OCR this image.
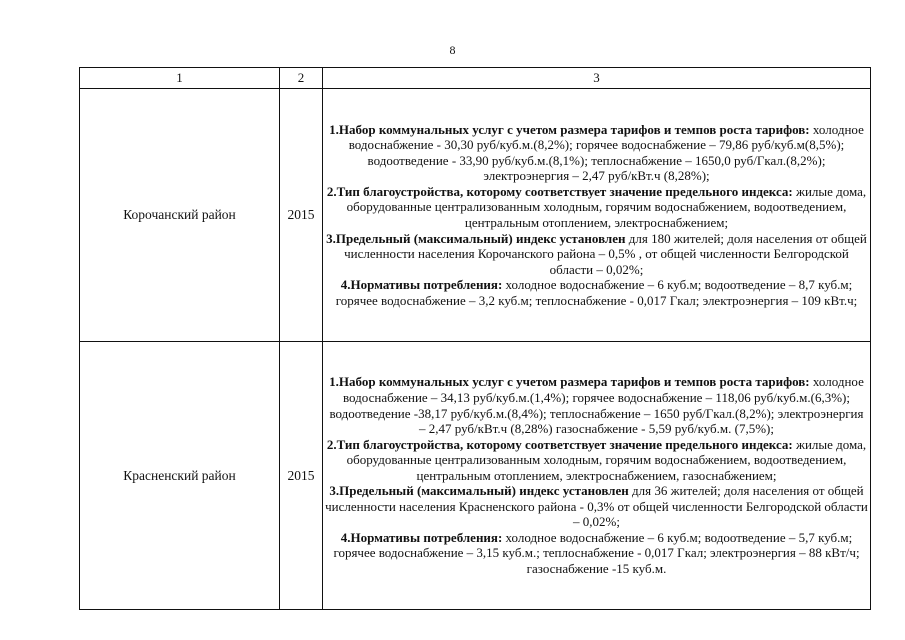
8
1	2	3
Корочанский район	2015	1.Набор коммунальных услуг с учетом размера тарифов и темпов роста тарифов: холодное водоснабжение - 30,30 руб/куб.м.(8,2%); горячее водоснабжение – 79,86 руб/куб.м(8,5%); водоотведение - 33,90 руб/куб.м.(8,1%); теплоснабжение – 1650,0 руб/Гкал.(8,2%); электроэнергия – 2,47 руб/кВт.ч (8,28%);

2.Тип благоустройства, которому соответствует значение предельного индекса: жилые дома, оборудованные централизованным холодным, горячим водоснабжением, водоотведением, центральным отоплением, электроснабжением;

3.Предельный (максимальный) индекс установлен для 180 жителей; доля населения от общей численности населения Корочанского района – 0,5% , от общей численности Белгородской области – 0,02%;

4.Нормативы потребления: холодное водоснабжение – 6 куб.м; водоотведение – 8,7 куб.м; горячее водоснабжение – 3,2 куб.м; теплоснабжение - 0,017 Гкал; электроэнергия – 109 кВт.ч;

Красненский район	2015	1.Набор коммунальных услуг с учетом размера тарифов и темпов роста тарифов: холодное водоснабжение – 34,13 руб/куб.м.(1,4%); горячее водоснабжение – 118,06 руб/куб.м.(6,3%); водоотведение -38,17 руб/куб.м.(8,4%); теплоснабжение – 1650 руб/Гкал.(8,2%); электроэнергия – 2,47 руб/кВт.ч (8,28%) газоснабжение - 5,59 руб/куб.м. (7,5%);

2.Тип благоустройства, которому соответствует значение предельного индекса: жилые дома, оборудованные централизованным холодным, горячим водоснабжением, водоотведением, центральным отоплением, электроснабжением, газоснабжением;

3.Предельный (максимальный) индекс установлен для 36 жителей; доля населения от общей численности населения Красненского района - 0,3% от общей численности Белгородской области – 0,02%;

4.Нормативы потребления: холодное водоснабжение – 6 куб.м; водоотведение – 5,7 куб.м; горячее водоснабжение – 3,15 куб.м.; теплоснабжение - 0,017 Гкал; электроэнергия – 88 кВт/ч; газоснабжение -15 куб.м.
